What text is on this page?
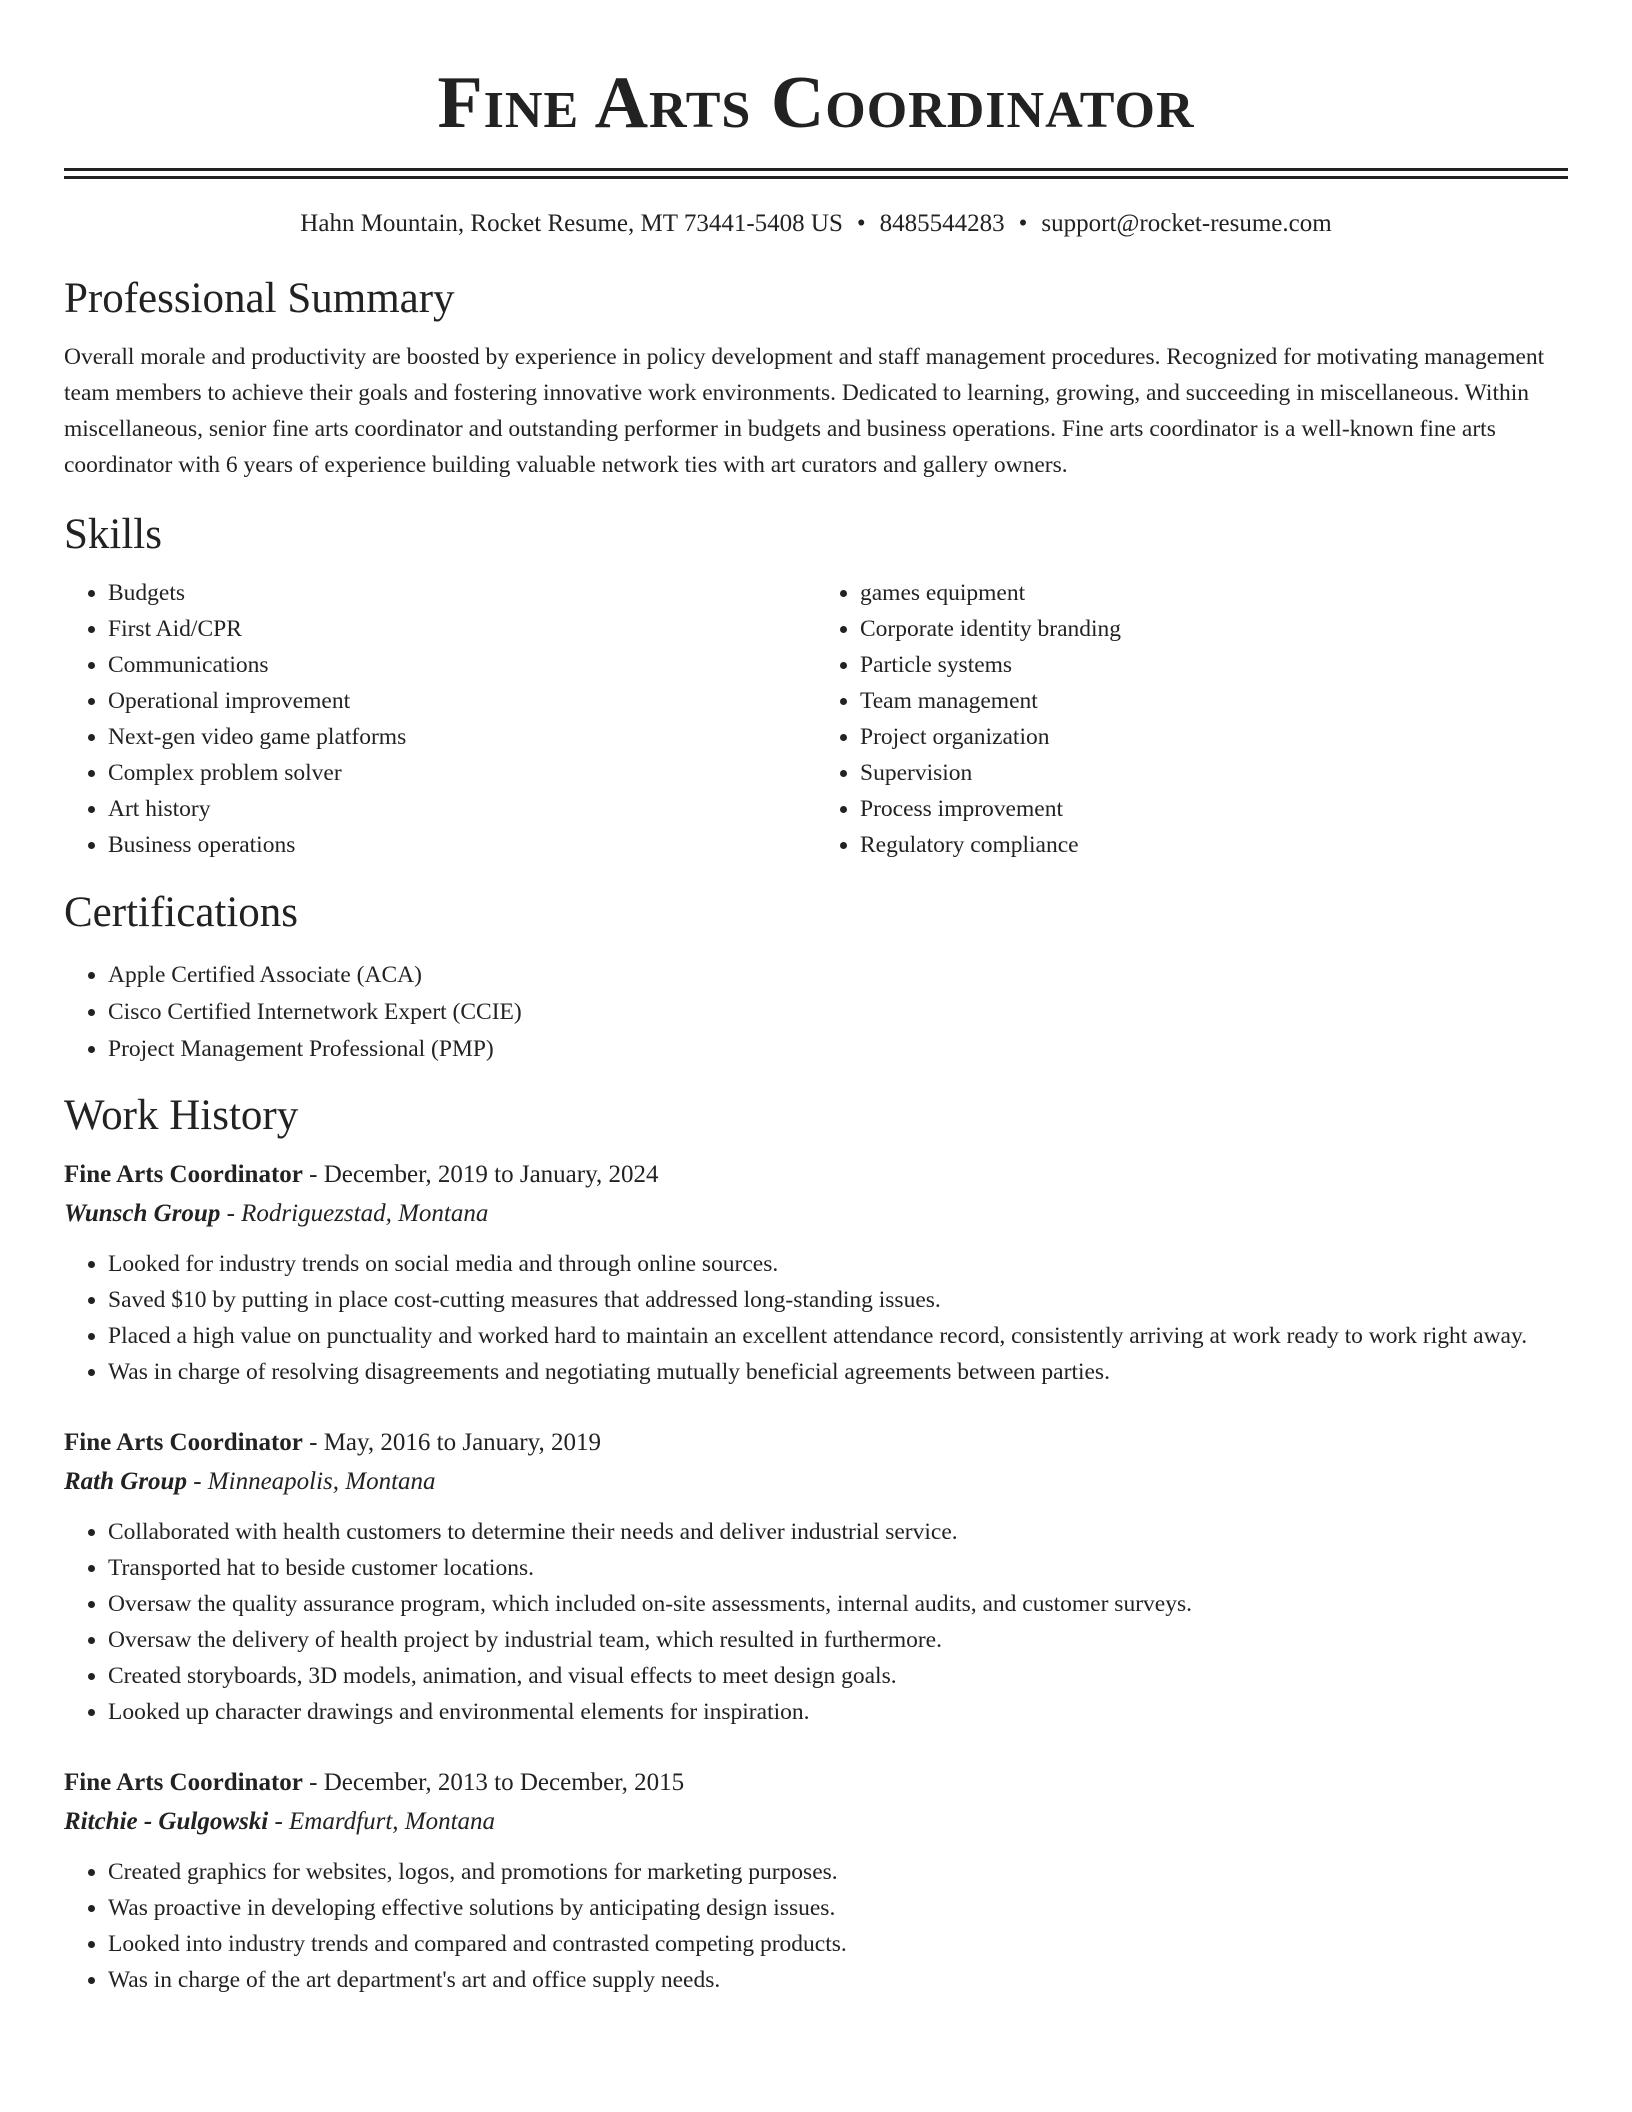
Fine Arts Coordinator
Hahn Mountain, Rocket Resume, MT 73441-5408 US • 8485544283 • support@rocket-resume.com
Professional Summary
Overall morale and productivity are boosted by experience in policy development and staff management procedures. Recognized for motivating management team members to achieve their goals and fostering innovative work environments. Dedicated to learning, growing, and succeeding in miscellaneous. Within miscellaneous, senior fine arts coordinator and outstanding performer in budgets and business operations. Fine arts coordinator is a well-known fine arts coordinator with 6 years of experience building valuable network ties with art curators and gallery owners.
Skills
• Budgets
• First Aid/CPR
• Communications
• Operational improvement
• Next-gen video game platforms
• Complex problem solver
• Art history
• Business operations
• games equipment
• Corporate identity branding
• Particle systems
• Team management
• Project organization
• Supervision
• Process improvement
• Regulatory compliance
Certifications
• Apple Certified Associate (ACA)
• Cisco Certified Internetwork Expert (CCIE)
• Project Management Professional (PMP)
Work History
Fine Arts Coordinator - December, 2019 to January, 2024
Wunsch Group - Rodriguezstad, Montana
• Looked for industry trends on social media and through online sources.
• Saved $10 by putting in place cost-cutting measures that addressed long-standing issues.
• Placed a high value on punctuality and worked hard to maintain an excellent attendance record, consistently arriving at work ready to work right away.
• Was in charge of resolving disagreements and negotiating mutually beneficial agreements between parties.
Fine Arts Coordinator - May, 2016 to January, 2019
Rath Group - Minneapolis, Montana
• Collaborated with health customers to determine their needs and deliver industrial service.
• Transported hat to beside customer locations.
• Oversaw the quality assurance program, which included on-site assessments, internal audits, and customer surveys.
• Oversaw the delivery of health project by industrial team, which resulted in furthermore.
• Created storyboards, 3D models, animation, and visual effects to meet design goals.
• Looked up character drawings and environmental elements for inspiration.
Fine Arts Coordinator - December, 2013 to December, 2015
Ritchie - Gulgowski - Emardfurt, Montana
• Created graphics for websites, logos, and promotions for marketing purposes.
• Was proactive in developing effective solutions by anticipating design issues.
• Looked into industry trends and compared and contrasted competing products.
• Was in charge of the art department's art and office supply needs.
